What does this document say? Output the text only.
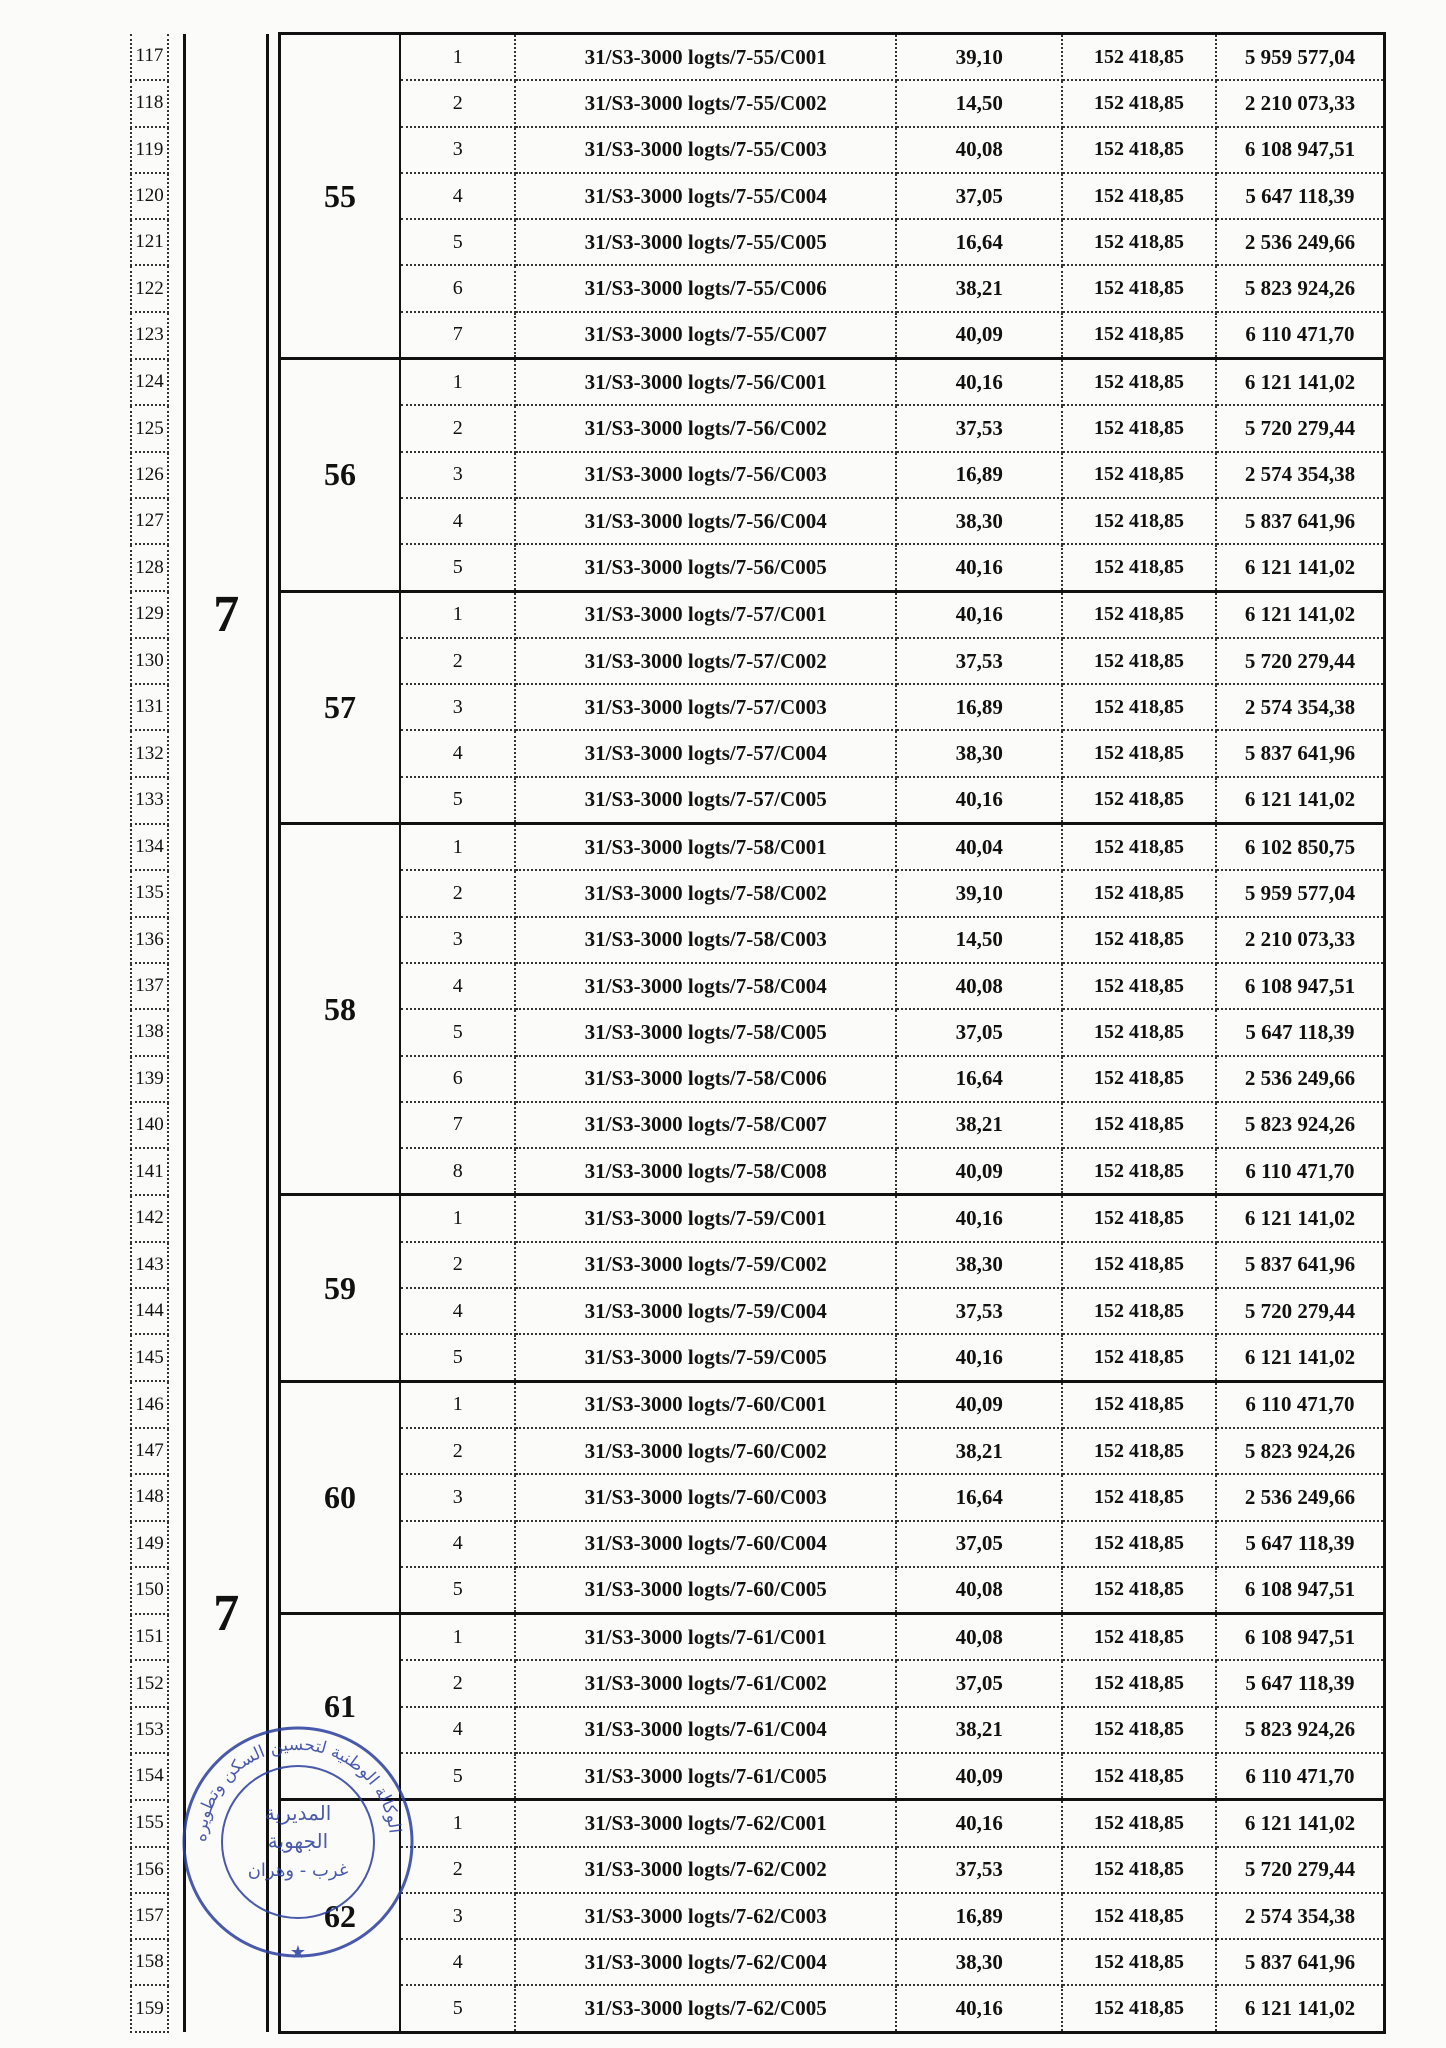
117		7		55	1	31/S3-3000 logts/7-55/C001	39,10	152 418,85	5 959 577,04
118					2	31/S3-3000 logts/7-55/C002	14,50	152 418,85	2 210 073,33
119					3	31/S3-3000 logts/7-55/C003	40,08	152 418,85	6 108 947,51
120					4	31/S3-3000 logts/7-55/C004	37,05	152 418,85	5 647 118,39
121					5	31/S3-3000 logts/7-55/C005	16,64	152 418,85	2 536 249,66
122					6	31/S3-3000 logts/7-55/C006	38,21	152 418,85	5 823 924,26
123					7	31/S3-3000 logts/7-55/C007	40,09	152 418,85	6 110 471,70
124				56	1	31/S3-3000 logts/7-56/C001	40,16	152 418,85	6 121 141,02
125					2	31/S3-3000 logts/7-56/C002	37,53	152 418,85	5 720 279,44
126					3	31/S3-3000 logts/7-56/C003	16,89	152 418,85	2 574 354,38
127					4	31/S3-3000 logts/7-56/C004	38,30	152 418,85	5 837 641,96
128					5	31/S3-3000 logts/7-56/C005	40,16	152 418,85	6 121 141,02
129				57	1	31/S3-3000 logts/7-57/C001	40,16	152 418,85	6 121 141,02
130					2	31/S3-3000 logts/7-57/C002	37,53	152 418,85	5 720 279,44
131					3	31/S3-3000 logts/7-57/C003	16,89	152 418,85	2 574 354,38
132					4	31/S3-3000 logts/7-57/C004	38,30	152 418,85	5 837 641,96
133					5	31/S3-3000 logts/7-57/C005	40,16	152 418,85	6 121 141,02
134				58	1	31/S3-3000 logts/7-58/C001	40,04	152 418,85	6 102 850,75
135					2	31/S3-3000 logts/7-58/C002	39,10	152 418,85	5 959 577,04
136					3	31/S3-3000 logts/7-58/C003	14,50	152 418,85	2 210 073,33
137					4	31/S3-3000 logts/7-58/C004	40,08	152 418,85	6 108 947,51
138					5	31/S3-3000 logts/7-58/C005	37,05	152 418,85	5 647 118,39
139					6	31/S3-3000 logts/7-58/C006	16,64	152 418,85	2 536 249,66
140					7	31/S3-3000 logts/7-58/C007	38,21	152 418,85	5 823 924,26
141					8	31/S3-3000 logts/7-58/C008	40,09	152 418,85	6 110 471,70
142		7		59	1	31/S3-3000 logts/7-59/C001	40,16	152 418,85	6 121 141,02
143					2	31/S3-3000 logts/7-59/C002	38,30	152 418,85	5 837 641,96
144					4	31/S3-3000 logts/7-59/C004	37,53	152 418,85	5 720 279,44
145					5	31/S3-3000 logts/7-59/C005	40,16	152 418,85	6 121 141,02
146				60	1	31/S3-3000 logts/7-60/C001	40,09	152 418,85	6 110 471,70
147					2	31/S3-3000 logts/7-60/C002	38,21	152 418,85	5 823 924,26
148					3	31/S3-3000 logts/7-60/C003	16,64	152 418,85	2 536 249,66
149					4	31/S3-3000 logts/7-60/C004	37,05	152 418,85	5 647 118,39
150					5	31/S3-3000 logts/7-60/C005	40,08	152 418,85	6 108 947,51
151				61	1	31/S3-3000 logts/7-61/C001	40,08	152 418,85	6 108 947,51
152					2	31/S3-3000 logts/7-61/C002	37,05	152 418,85	5 647 118,39
153					4	31/S3-3000 logts/7-61/C004	38,21	152 418,85	5 823 924,26
154					5	31/S3-3000 logts/7-61/C005	40,09	152 418,85	6 110 471,70
155				62	1	31/S3-3000 logts/7-62/C001	40,16	152 418,85	6 121 141,02
156					2	31/S3-3000 logts/7-62/C002	37,53	152 418,85	5 720 279,44
157					3	31/S3-3000 logts/7-62/C003	16,89	152 418,85	2 574 354,38
158					4	31/S3-3000 logts/7-62/C004	38,30	152 418,85	5 837 641,96
159					5	31/S3-3000 logts/7-62/C005	40,16	152 418,85	6 121 141,02
الوكالة الوطنية لتحسين السكن وتطويره
المديرية
الجهوية
غرب - وهران
★
